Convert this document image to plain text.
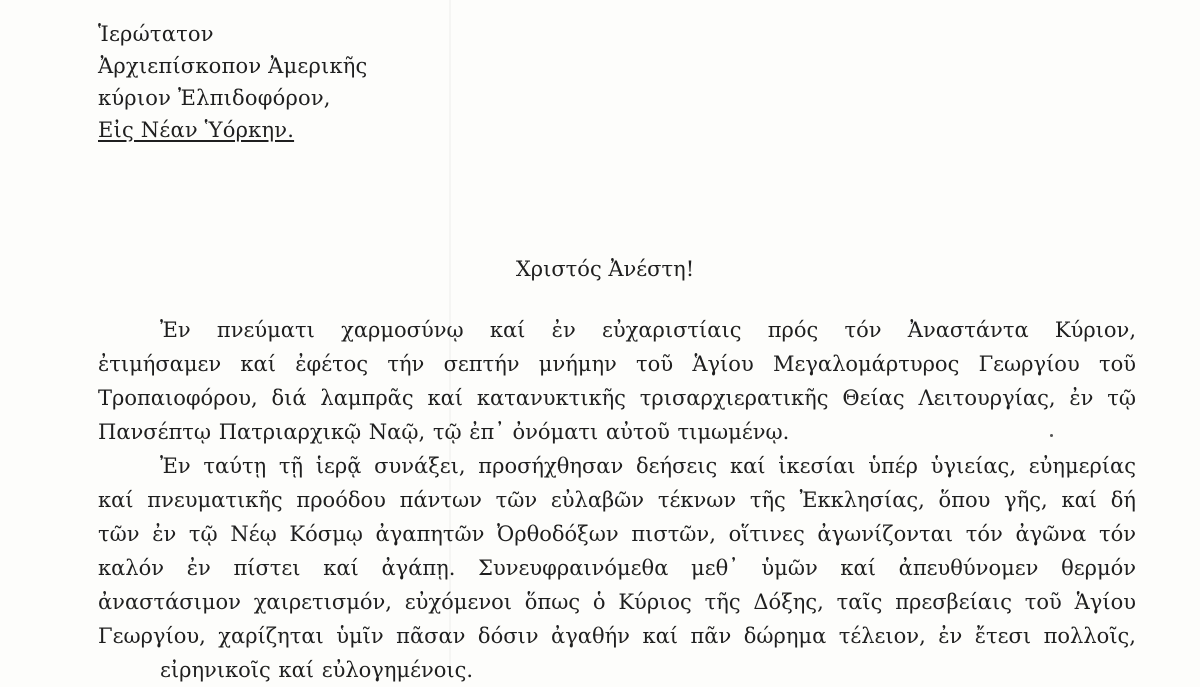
Ἱερώτατον
Ἀρχιεπίσκοπον Ἀμερικῆς
κύριον Ἐλπιδοφόρον,
Εἰς Νέαν Ὑόρκην.
Χριστός Ἀνέστη!

Ἐν πνεύματι χαρμοσύνῳ καί ἐν εὐχαριστίαις πρός τόν Ἀναστάντα Κύριον,
ἐτιμήσαμεν καί ἐφέτος τήν σεπτήν μνήμην τοῦ Ἁγίου Μεγαλομάρτυρος Γεωργίου τοῦ
Τροπαιοφόρου, διά λαμπρᾶς καί κατανυκτικῆς τρισαρχιερατικῆς Θείας Λειτουργίας, ἐν τῷ
Πανσέπτῳ Πατριαρχικῷ Ναῷ, τῷ ἐπ᾽ ὀνόματι αὐτοῦ τιμωμένῳ.

Ἐν ταύτῃ τῇ ἱερᾷ συνάξει, προσήχθησαν δεήσεις καί ἱκεσίαι ὑπέρ ὑγιείας, εὐημερίας
καί πνευματικῆς προόδου πάντων τῶν εὐλαβῶν τέκνων τῆς Ἐκκλησίας, ὅπου γῆς, καί δή
τῶν ἐν τῷ Νέῳ Κόσμῳ ἀγαπητῶν Ὀρθοδόξων πιστῶν, οἵτινες ἀγωνίζονται τόν ἀγῶνα τόν
καλόν ἐν πίστει καί ἀγάπῃ. Συνευφραινόμεθα μεθ᾽ ὑμῶν καί ἀπευθύνομεν θερμόν
ἀναστάσιμον χαιρετισμόν, εὐχόμενοι ὅπως ὁ Κύριος τῆς Δόξης, ταῖς πρεσβείαις τοῦ Ἁγίου
Γεωργίου, χαρίζηται ὑμῖν πᾶσαν δόσιν ἀγαθήν καί πᾶν δώρημα τέλειον, ἐν ἔτεσι πολλοῖς,
εἰρηνικοῖς καί εὐλογημένοις.
